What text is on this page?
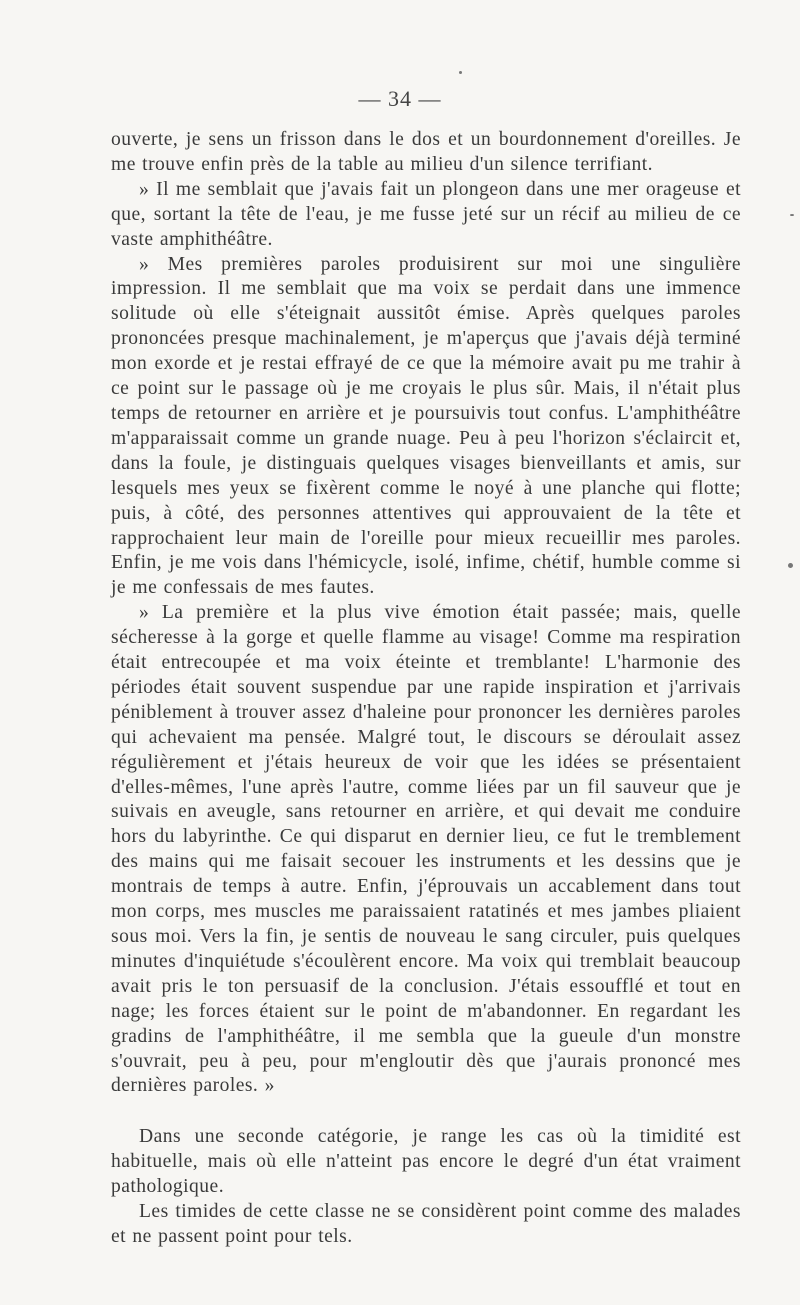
— 34 —

ouverte, je sens un frisson dans le dos et un bourdonnement d'oreilles. Je me trouve enfin près de la table au milieu d'un silence terrifiant.

» Il me semblait que j'avais fait un plongeon dans une mer orageuse et que, sortant la tête de l'eau, je me fusse jeté sur un récif au milieu de ce vaste amphithéâtre.

» Mes premières paroles produisirent sur moi une singulière impression. Il me semblait que ma voix se perdait dans une immence solitude où elle s'éteignait aussitôt émise. Après quelques paroles prononcées presque machinalement, je m'aperçus que j'avais déjà terminé mon exorde et je restai effrayé de ce que la mémoire avait pu me trahir à ce point sur le passage où je me croyais le plus sûr. Mais, il n'était plus temps de retourner en arrière et je poursuivis tout confus. L'amphithéâtre m'apparaissait comme un grande nuage. Peu à peu l'horizon s'éclaircit et, dans la foule, je distinguais quelques visages bienveillants et amis, sur lesquels mes yeux se fixèrent comme le noyé à une planche qui flotte; puis, à côté, des personnes attentives qui approuvaient de la tête et rapprochaient leur main de l'oreille pour mieux recueillir mes paroles. Enfin, je me vois dans l'hémicycle, isolé, infime, chétif, humble comme si je me confessais de mes fautes.

» La première et la plus vive émotion était passée; mais, quelle sécheresse à la gorge et quelle flamme au visage! Comme ma respiration était entrecoupée et ma voix éteinte et tremblante! L'harmonie des périodes était souvent suspendue par une rapide inspiration et j'arrivais péniblement à trouver assez d'haleine pour prononcer les dernières paroles qui achevaient ma pensée. Malgré tout, le discours se déroulait assez régulièrement et j'étais heureux de voir que les idées se présentaient d'elles-mêmes, l'une après l'autre, comme liées par un fil sauveur que je suivais en aveugle, sans retourner en arrière, et qui devait me conduire hors du labyrinthe. Ce qui disparut en dernier lieu, ce fut le tremblement des mains qui me faisait secouer les instruments et les dessins que je montrais de temps à autre. Enfin, j'éprouvais un accablement dans tout mon corps, mes muscles me paraissaient ratatinés et mes jambes pliaient sous moi. Vers la fin, je sentis de nouveau le sang circuler, puis quelques minutes d'inquiétude s'écoulèrent encore. Ma voix qui tremblait beaucoup avait pris le ton persuasif de la conclusion. J'étais essoufflé et tout en nage; les forces étaient sur le point de m'abandonner. En regardant les gradins de l'amphithéâtre, il me sembla que la gueule d'un monstre s'ouvrait, peu à peu, pour m'engloutir dès que j'aurais prononcé mes dernières paroles. »

Dans une seconde catégorie, je range les cas où la timidité est habituelle, mais où elle n'atteint pas encore le degré d'un état vraiment pathologique.

Les timides de cette classe ne se considèrent point comme des malades et ne passent point pour tels.
